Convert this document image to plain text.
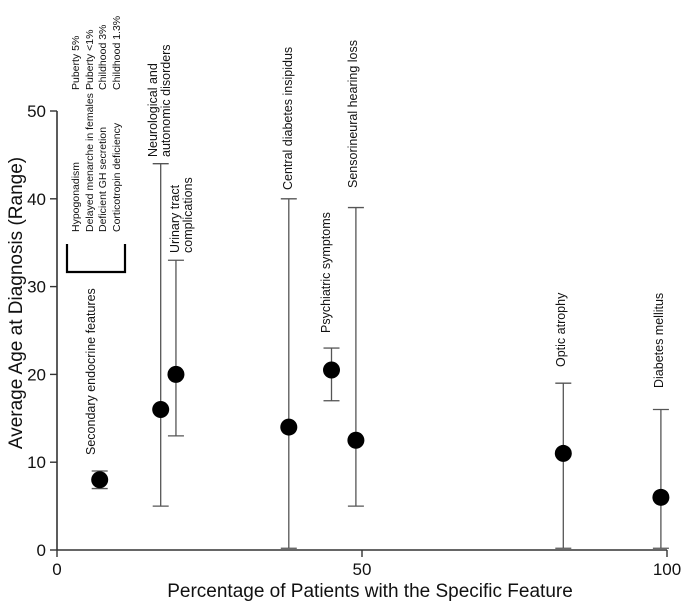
0
10
20
30
40
50
0	50	100
Average Age at Diagnosis (Range)
Percentage of Patients with the Specific Feature
Secondary endocrine features
Neurological andautonomic disorders
Urinary tractcomplications
Central diabetes insipidus
Psychiatric symptoms
Sensorineural hearing loss
Optic atrophy	Diabetes mellitus
Hypogonadism
Puberty 5%
Delayed menarche in females
Puberty <1%
Deficient GH secretion
Childhood 3%
Corticotropin deficiency
Childhood 1.3%
